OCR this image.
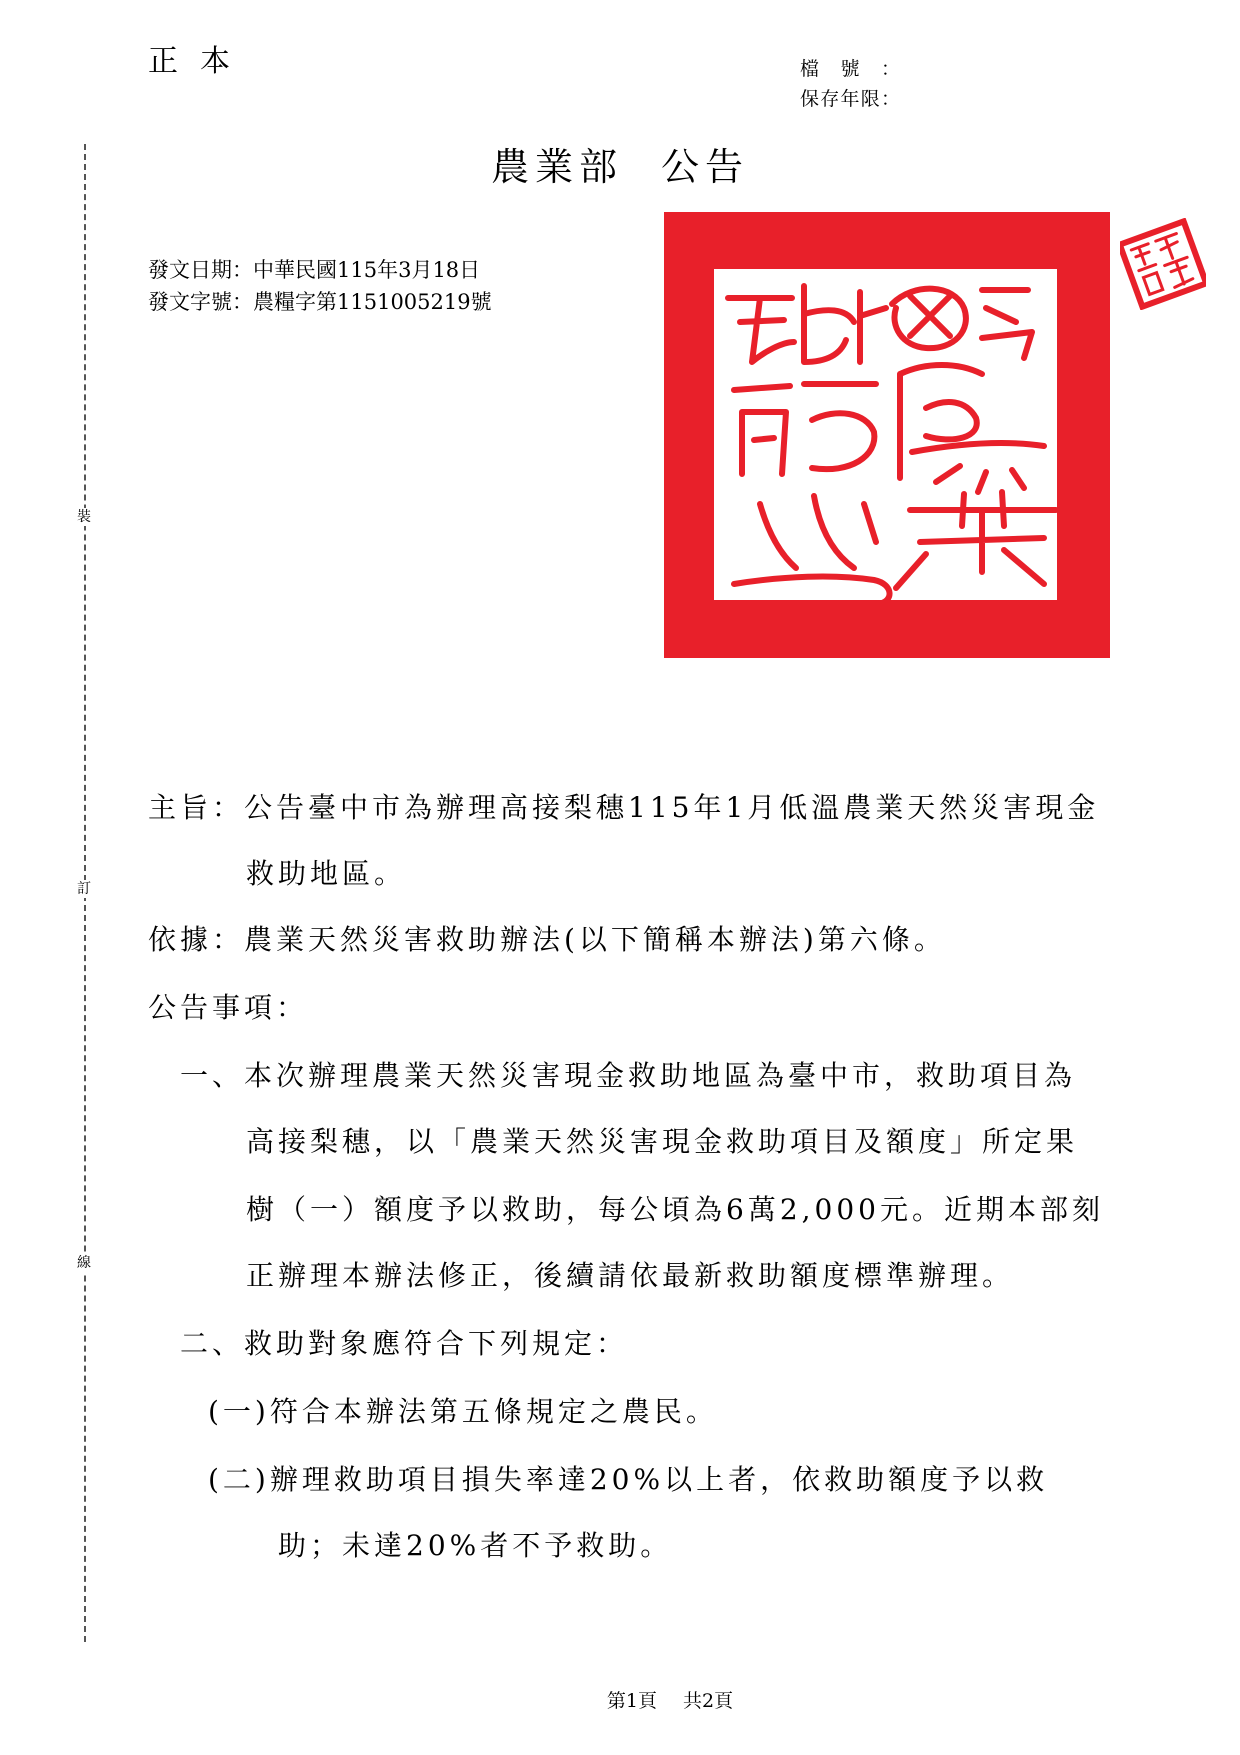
正本	檔號：
保存年限：
農業部 公告
發文日期：中華民國115年3月18日
發文字號：農糧字第1151005219號
裝
訂
線
主旨：公告臺中市為辦理高接梨穗115年1月低溫農業天然災害現金
救助地區。
依據：農業天然災害救助辦法(以下簡稱本辦法)第六條。
公告事項：
一、本次辦理農業天然災害現金救助地區為臺中市，救助項目為
高接梨穗，以「農業天然災害現金救助項目及額度」所定果
樹（一）額度予以救助，每公頃為6萬2,000元。近期本部刻
正辦理本辦法修正，後續請依最新救助額度標準辦理。
二、救助對象應符合下列規定：
(一)符合本辦法第五條規定之農民。
(二)辦理救助項目損失率達20%以上者，依救助額度予以救
助；未達20%者不予救助。
第1頁 共2頁
